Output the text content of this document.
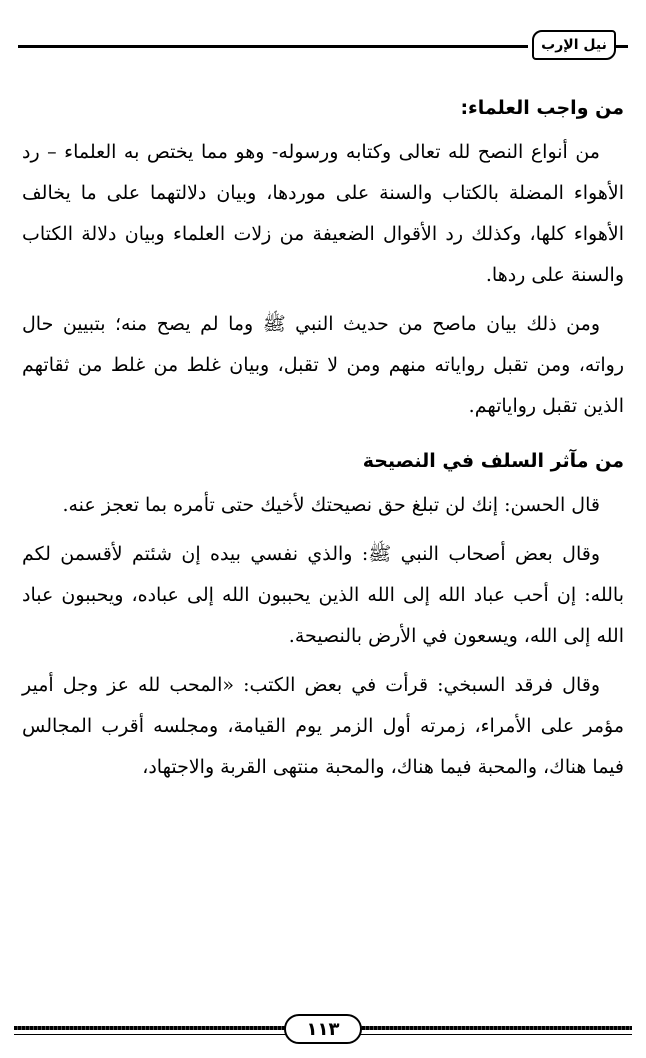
نيل الإرب
من واجب العلماء:

من أنواع النصح لله تعالى وكتابه ورسوله- وهو مما يختص به العلماء – رد الأهواء المضلة بالكتاب والسنة على موردها، وبيان دلالتهما على ما يخالف الأهواء كلها، وكذلك رد الأقوال الضعيفة من زلات العلماء وبيان دلالة الكتاب والسنة على ردها.

ومن ذلك بيان ماصح من حديث النبي ﷺ وما لم يصح منه؛ بتبيين حال رواته، ومن تقبل رواياته منهم ومن لا تقبل، وبيان غلط من غلط من ثقاتهم الذين تقبل رواياتهم.

من مآثر السلف في النصيحة

قال الحسن: إنك لن تبلغ حق نصيحتك لأخيك حتى تأمره بما تعجز عنه.

وقال بعض أصحاب النبي ﷺ: والذي نفسي بيده إن شئتم لأقسمن لكم بالله: إن أحب عباد الله إلى الله الذين يحببون الله إلى عباده، ويحببون عباد الله إلى الله، ويسعون في الأرض بالنصيحة.

وقال فرقد السبخي: قرأت في بعض الكتب: «المحب لله عز وجل أمير مؤمر على الأمراء، زمرته أول الزمر يوم القيامة، ومجلسه أقرب المجالس فيما هناك، والمحبة فيما هناك، والمحبة منتهى القربة والاجتهاد،

١١٣
